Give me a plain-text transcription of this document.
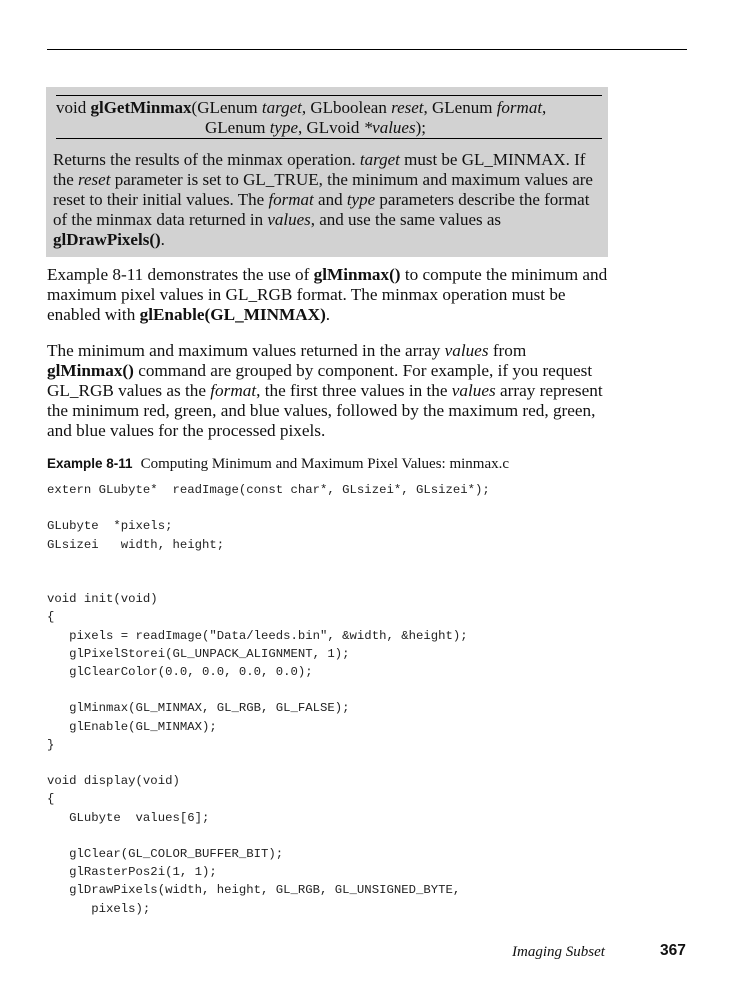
void glGetMinmax(GLenum target, GLboolean reset, GLenum format,
GLenum type, GLvoid *values);
Returns the results of the minmax operation. target must be GL_MINMAX. If the reset parameter is set to GL_TRUE, the minimum and maximum values are reset to their initial values. The format and type parameters describe the format of the minmax data returned in values, and use the same values as glDrawPixels().
Example 8-11 demonstrates the use of glMinmax() to compute the minimum and maximum pixel values in GL_RGB format. The minmax operation must be enabled with glEnable(GL_MINMAX).
The minimum and maximum values returned in the array values from glMinmax() command are grouped by component. For example, if you request GL_RGB values as the format, the first three values in the values array represent the minimum red, green, and blue values, followed by the maximum red, green, and blue values for the processed pixels.
Example 8-11 Computing Minimum and Maximum Pixel Values: minmax.c
extern GLubyte*  readImage(const char*, GLsizei*, GLsizei*);

GLubyte  *pixels;
GLsizei   width, height;

void init(void)
{
pixels = readImage("Data/leeds.bin", &width, &height);
glPixelStorei(GL_UNPACK_ALIGNMENT, 1);
glClearColor(0.0, 0.0, 0.0, 0.0);

glMinmax(GL_MINMAX, GL_RGB, GL_FALSE);
glEnable(GL_MINMAX);
}

void display(void)
{
GLubyte  values[6];

glClear(GL_COLOR_BUFFER_BIT);
glRasterPos2i(1, 1);
glDrawPixels(width, height, GL_RGB, GL_UNSIGNED_BYTE,
pixels);
Imaging Subset	367
